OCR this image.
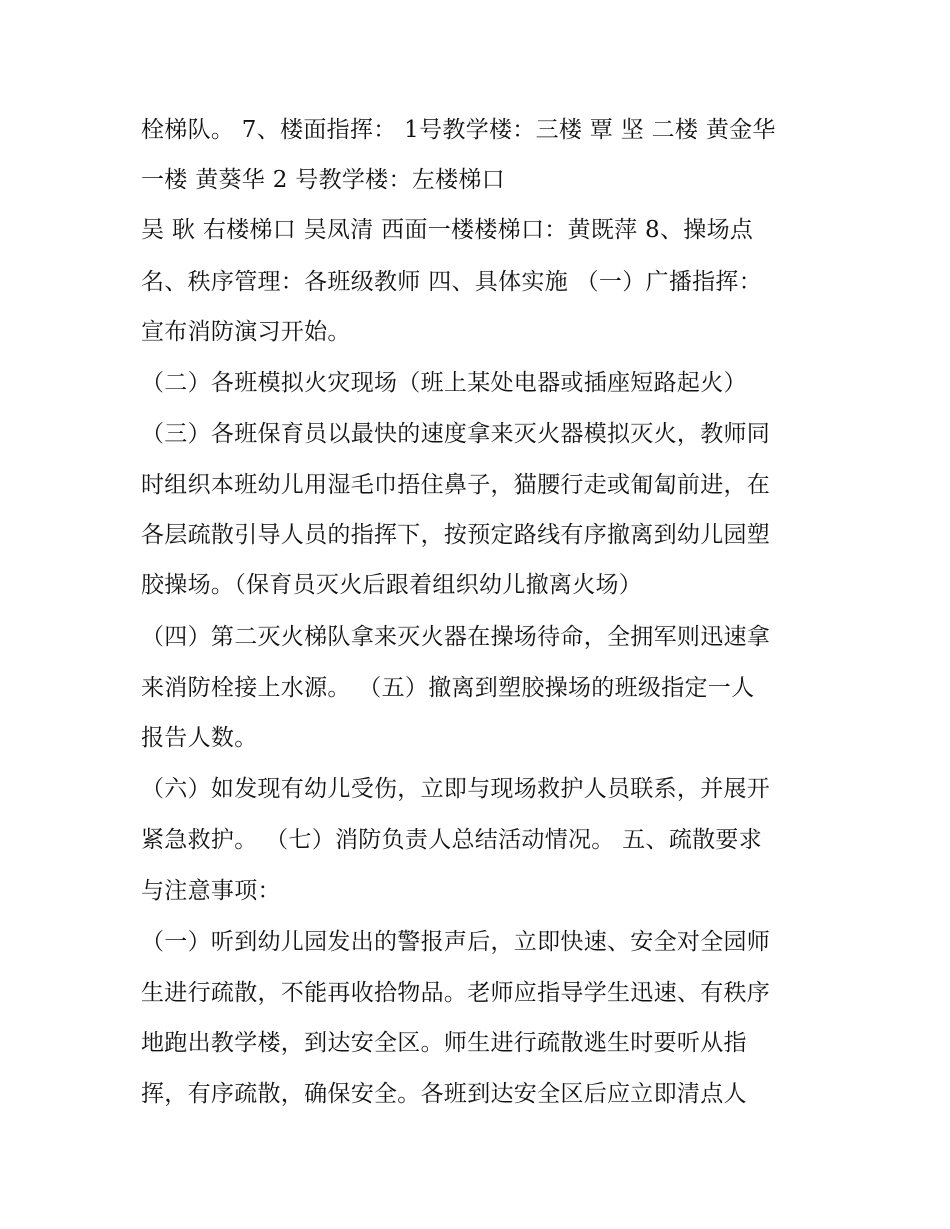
栓梯队。 7、楼面指挥： 1号教学楼：三楼 覃 坚 二楼 黄金华
一楼 黄葵华 2 号教学楼：左楼梯口
吴 耿 右楼梯口 吴凤清 西面一楼楼梯口：黄既萍 8、操场点
名、秩序管理：各班级教师 四、具体实施 （一）广播指挥：
宣布消防演习开始。
（二）各班模拟火灾现场（班上某处电器或插座短路起火）
（三）各班保育员以最快的速度拿来灭火器模拟灭火，教师同
时组织本班幼儿用湿毛巾捂住鼻子，猫腰行走或匍匐前进，在
各层疏散引导人员的指挥下，按预定路线有序撤离到幼儿园塑
胶操场。（保育员灭火后跟着组织幼儿撤离火场）
（四）第二灭火梯队拿来灭火器在操场待命，全拥军则迅速拿
来消防栓接上水源。 （五）撤离到塑胶操场的班级指定一人
报告人数。
（六）如发现有幼儿受伤，立即与现场救护人员联系，并展开
紧急救护。 （七）消防负责人总结活动情况。 五、疏散要求
与注意事项：
（一）听到幼儿园发出的警报声后，立即快速、安全对全园师
生进行疏散，不能再收拾物品。老师应指导学生迅速、有秩序
地跑出教学楼，到达安全区。师生进行疏散逃生时要听从指
挥，有序疏散，确保安全。各班到达安全区后应立即清点人
